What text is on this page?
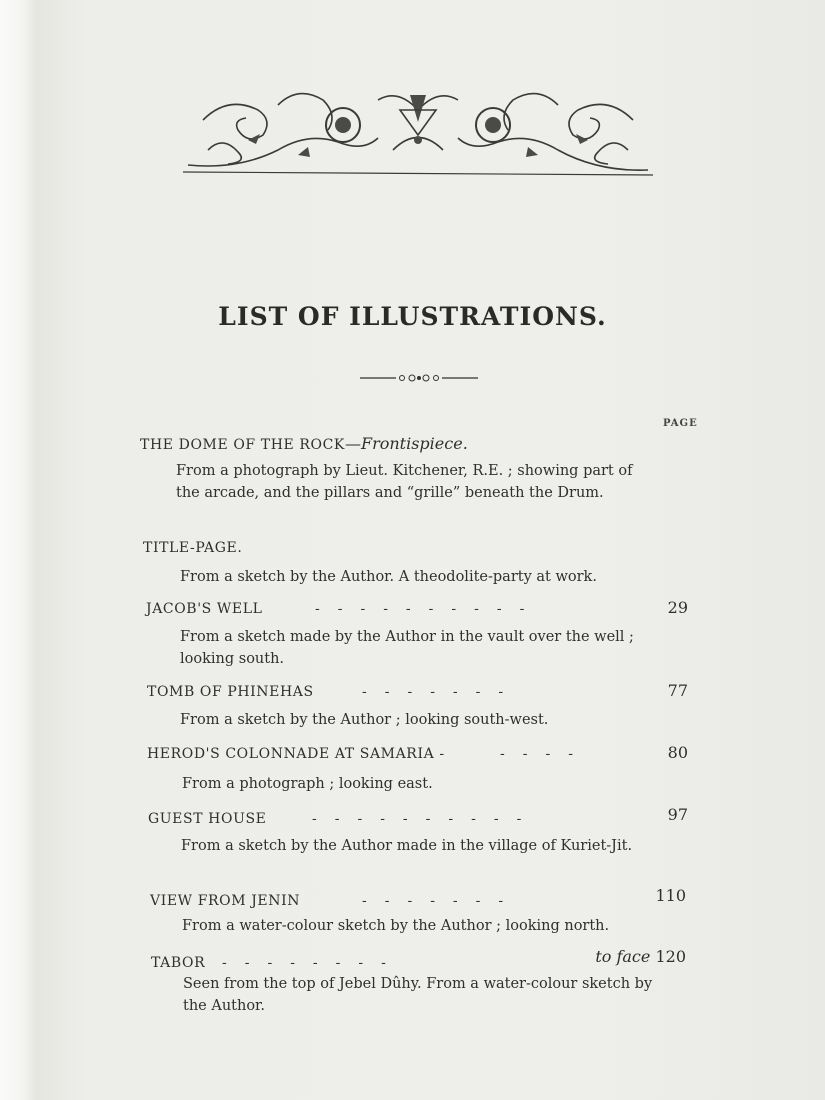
LIST OF ILLUSTRATIONS.
PAGE
THE DOME OF THE ROCK—Frontispiece.
From a photograph by Lieut. Kitchener, R.E. ; showing part of the arcade, and the pillars and “grille” beneath the Drum.
TITLE-PAGE.
From a sketch by the Author. A theodolite-party at work.
JACOB'S WELL	----------	29
From a sketch made by the Author in the vault over the well ; looking south.
TOMB OF PHINEHAS	-------	77
From a sketch by the Author ; looking south-west.
HEROD'S COLONNADE AT SAMARIA -	----	80
From a photograph ; looking east.
GUEST HOUSE	----------	97
From a sketch by the Author made in the village of Kuriet-Jit.
VIEW FROM JENIN	-------	110
From a water-colour sketch by the Author ; looking north.
TABOR --------	to face 120
Seen from the top of Jebel Dûhy. From a water-colour sketch by the Author.
